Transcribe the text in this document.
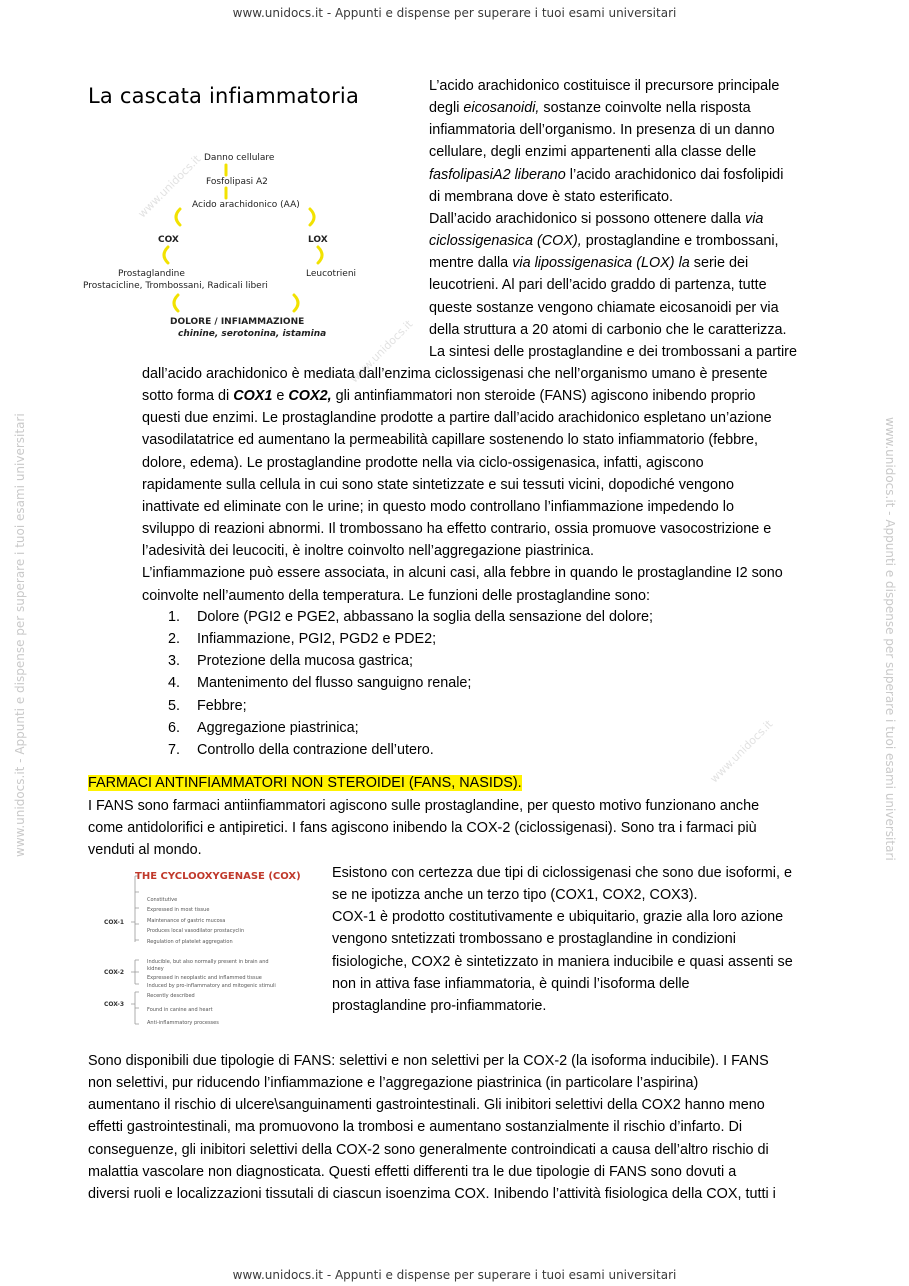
www.unidocs.it - Appunti e dispense per superare i tuoi esami universitari
www.unidocs.it - Appunti e dispense per superare i tuoi esami universitari	www.unidocs.it - Appunti e dispense per superare i tuoi esami universitari
www.unidocs.it
www.unidocs.it
www.unidocs.it
La cascata infiammatoria
Danno cellulare
Fosfolipasi A2
Acido arachidonico (AA)
COX	LOX
Prostaglandine
Prostacicline, Trombossani, Radicali liberi
Leucotrieni
DOLORE / INFIAMMAZIONE
chinine, serotonina, istamina
L’acido arachidonico costituisce il precursore principale
degli eicosanoidi, sostanze coinvolte nella risposta
infiammatoria dell’organismo. In presenza di un danno
cellulare, degli enzimi appartenenti alla classe delle
fasfolipasiA2 liberano l’acido arachidonico dai fosfolipidi
di membrana dove è stato esterificato.
Dall’acido arachidonico si possono ottenere dalla via
ciclossigenasica (COX), prostaglandine e trombossani,
mentre dalla via lipossigenasica (LOX) la serie dei
leucotrieni. Al pari dell’acido graddo di partenza, tutte
queste sostanze vengono chiamate eicosanoidi per via
della struttura a 20 atomi di carbonio che le caratterizza.
La sintesi delle prostaglandine e dei trombossani a partire
dall’acido arachidonico è mediata dall’enzima ciclossigenasi che nell’organismo umano è presente
sotto forma di COX1 e COX2, gli antinfiammatori non steroide (FANS) agiscono inibendo proprio
questi due enzimi. Le prostaglandine prodotte a partire dall’acido arachidonico espletano un’azione
vasodilatatrice ed aumentano la permeabilità capillare sostenendo lo stato infiammatorio (febbre,
dolore, edema). Le prostaglandine prodotte nella via ciclo-ossigenasica, infatti, agiscono
rapidamente sulla cellula in cui sono state sintetizzate e sui tessuti vicini, dopodiché vengono
inattivate ed eliminate con le urine; in questo modo controllano l’infiammazione impedendo lo
sviluppo di reazioni abnormi. Il trombossano ha effetto contrario, ossia promuove vasocostrizione e
l’adesività dei leucociti, è inoltre coinvolto nell’aggregazione piastrinica.
L’infiammazione può essere associata, in alcuni casi, alla febbre in quando le prostaglandine I2 sono
coinvolte nell’aumento della temperatura. Le funzioni delle prostaglandine sono:
1. Dolore (PGI2 e PGE2, abbassano la soglia della sensazione del dolore;
2. Infiammazione, PGI2, PGD2 e PDE2;
3. Protezione della mucosa gastrica;
4. Mantenimento del flusso sanguigno renale;
5. Febbre;
6. Aggregazione piastrinica;
7. Controllo della contrazione dell’utero.
FARMACI ANTINFIAMMATORI NON STEROIDEI (FANS, NASIDS).
I FANS sono farmaci antiinfiammatori agiscono sulle prostaglandine, per questo motivo funzionano anche
come antidolorifici e antipiretici. I fans agiscono inibendo la COX-2 (ciclossigenasi). Sono tra i farmaci più
venduti al mondo.
THE CYCLOOXYGENASE (COX)
COX-1
COX-2
COX-3
Constitutive
Expressed in most tissue
Maintenance of gastric mucosa
Produces local vasodilator prostacyclin
Regulation of platelet aggregation
Inducible, but also normally present in brain and
kidney
Expressed in neoplastic and inflammed tissue
Induced by pro-inflammatory and mitogenic stimuli
Recently described
Found in canine and heart
Anti-inflammatory processes
Esistono con certezza due tipi di ciclossigenasi che sono due isoformi, e
se ne ipotizza anche un terzo tipo (COX1, COX2, COX3).
COX-1 è prodotto costitutivamente e ubiquitario, grazie alla loro azione
vengono sntetizzati trombossano e prostaglandine in condizioni
fisiologiche, COX2 è sintetizzato in maniera inducibile e quasi assenti se
non in attiva fase infiammatoria, è quindi l’isoforma delle
prostaglandine pro-infiammatorie.
Sono disponibili due tipologie di FANS: selettivi e non selettivi per la COX-2 (la isoforma inducibile). I FANS
non selettivi, pur riducendo l’infiammazione e l’aggregazione piastrinica (in particolare l’aspirina)
aumentano il rischio di ulcere\sanguinamenti gastrointestinali. Gli inibitori selettivi della COX2 hanno meno
effetti gastrointestinali, ma promuovono la trombosi e aumentano sostanzialmente il rischio d’infarto. Di
conseguenze, gli inibitori selettivi della COX-2 sono generalmente controindicati a causa dell’altro rischio di
malattia vascolare non diagnosticata. Questi effetti differenti tra le due tipologie di FANS sono dovuti a
diversi ruoli e localizzazioni tissutali di ciascun isoenzima COX. Inibendo l’attività fisiologica della COX, tutti i
www.unidocs.it - Appunti e dispense per superare i tuoi esami universitari
